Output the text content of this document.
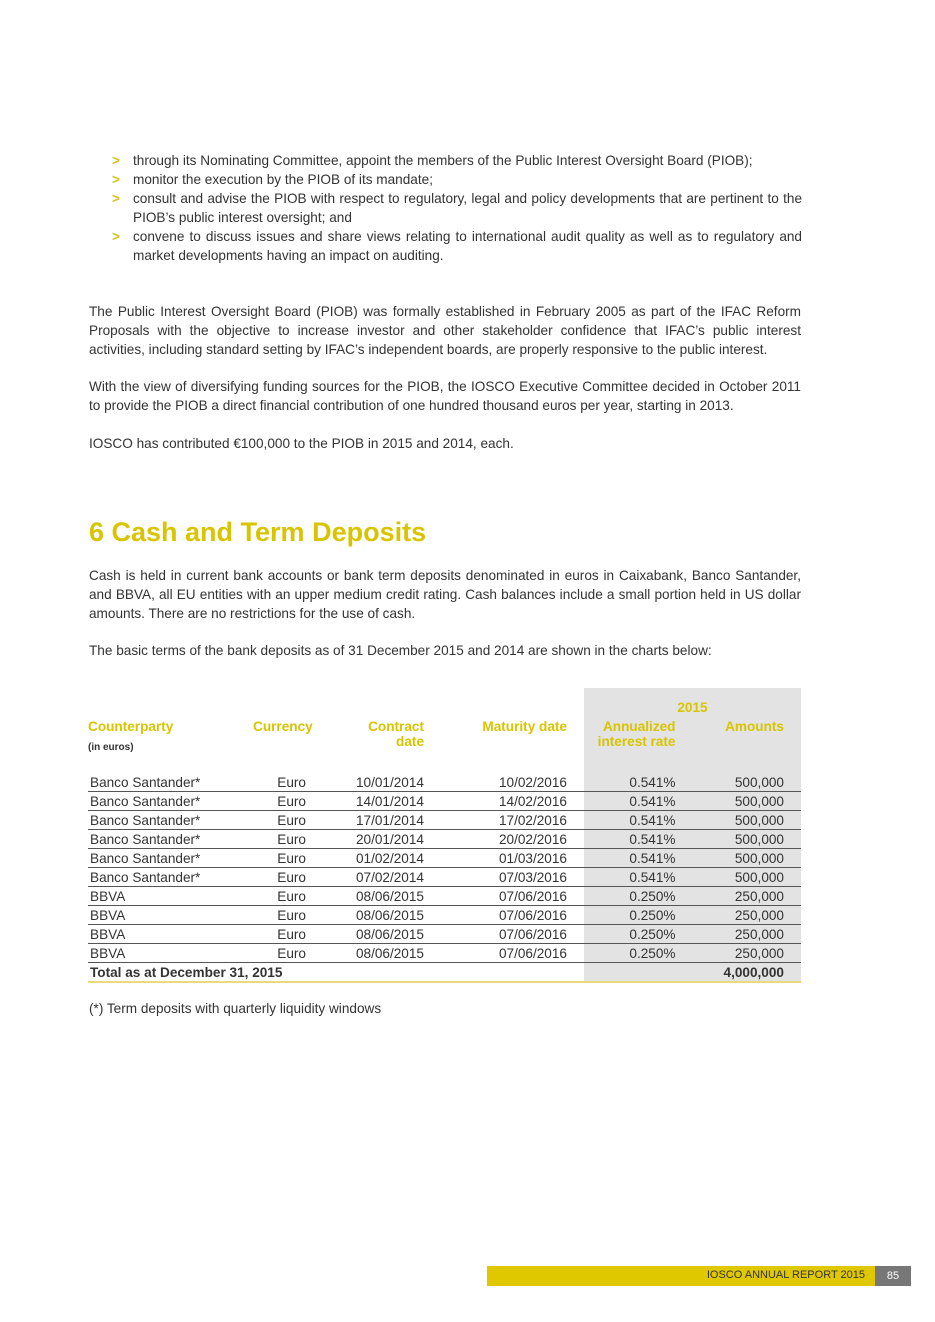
> through its Nominating Committee, appoint the members of the Public Interest Oversight Board (PIOB);
> monitor the execution by the PIOB of its mandate;
> consult and advise the PIOB with respect to regulatory, legal and policy developments that are pertinent to the PIOB’s public interest oversight; and
> convene to discuss issues and share views relating to international audit quality as well as to regulatory and market developments having an impact on auditing.

The Public Interest Oversight Board (PIOB) was formally established in February 2005 as part of the IFAC Reform Proposals with the objective to increase investor and other stakeholder confidence that IFAC’s public interest activities, including standard setting by IFAC’s independent boards, are properly responsive to the public interest.

With the view of diversifying funding sources for the PIOB, the IOSCO Executive Committee decided in October 2011 to provide the PIOB a direct financial contribution of one hundred thousand euros per year, starting in 2013.

IOSCO has contributed €100,000 to the PIOB in 2015 and 2014, each.

6 Cash and Term Deposits

Cash is held in current bank accounts or bank term deposits denominated in euros in Caixabank, Banco Santander, and BBVA, all EU entities with an upper medium credit rating. Cash balances include a small portion held in US dollar amounts. There are no restrictions for the use of cash.

The basic terms of the bank deposits as of 31 December 2015 and 2014 are shown in the charts below:

				2015	
Counterparty	Currency	Contract	Maturity date	Annualized	Amounts
(in euros)		date		interest rate	

Banco Santander*	Euro	10/01/2014	10/02/2016	0.541%	500,000
Banco Santander*	Euro	14/01/2014	14/02/2016	0.541%	500,000
Banco Santander*	Euro	17/01/2014	17/02/2016	0.541%	500,000
Banco Santander*	Euro	20/01/2014	20/02/2016	0.541%	500,000
Banco Santander*	Euro	01/02/2014	01/03/2016	0.541%	500,000
Banco Santander*	Euro	07/02/2014	07/03/2016	0.541%	500,000
BBVA	Euro	08/06/2015	07/06/2016	0.250%	250,000
BBVA	Euro	08/06/2015	07/06/2016	0.250%	250,000
BBVA	Euro	08/06/2015	07/06/2016	0.250%	250,000
BBVA	Euro	08/06/2015	07/06/2016	0.250%	250,000
Total as at December 31, 2015					4,000,000

(*) Term deposits with quarterly liquidity windows

IOSCO ANNUAL REPORT 2015	85
